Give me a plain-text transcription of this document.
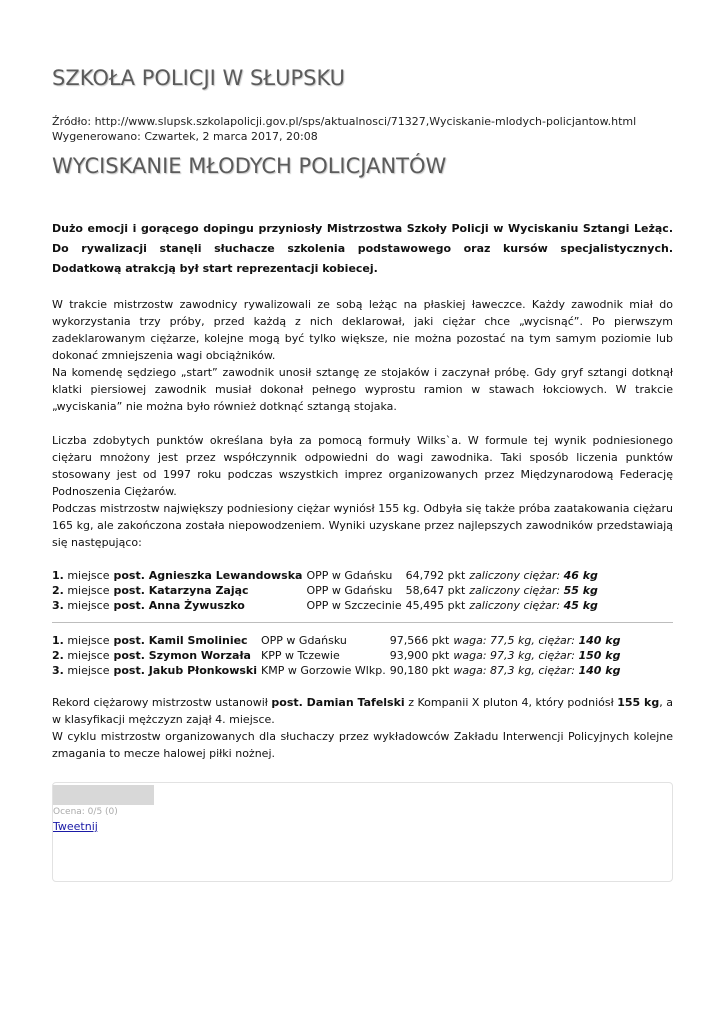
SZKOŁA POLICJI W SŁUPSKU
Źródło: http://www.slupsk.szkolapolicji.gov.pl/sps/aktualnosci/71327,Wyciskanie-mlodych-policjantow.html
Wygenerowano: Czwartek, 2 marca 2017, 20:08
WYCISKANIE MŁODYCH POLICJANTÓW

Dużo emocji i gorącego dopingu przyniosły Mistrzostwa Szkoły Policji w Wyciskaniu Sztangi Leżąc. Do rywalizacji stanęli słuchacze szkolenia podstawowego oraz kursów specjalistycznych. Dodatkową atrakcją był start reprezentacji kobiecej.

W trakcie mistrzostw zawodnicy rywalizowali ze sobą leżąc na płaskiej ławeczce. Każdy zawodnik miał do wykorzystania trzy próby, przed każdą z nich deklarował, jaki ciężar chce „wycisnąć”. Po pierwszym zadeklarowanym ciężarze, kolejne mogą być tylko większe, nie można pozostać na tym samym poziomie lub dokonać zmniejszenia wagi obciążników.
Na komendę sędziego „start” zawodnik unosił sztangę ze stojaków i zaczynał próbę. Gdy gryf sztangi dotknął klatki piersiowej zawodnik musiał dokonał pełnego wyprostu ramion w stawach łokciowych. W trakcie „wyciskania” nie można było również dotknąć sztangą stojaka.

Liczba zdobytych punktów określana była za pomocą formuły Wilks`a. W formule tej wynik podniesionego ciężaru mnożony jest przez współczynnik odpowiedni do wagi zawodnika. Taki sposób liczenia punktów stosowany jest od 1997 roku podczas wszystkich imprez organizowanych przez Międzynarodową Federację Podnoszenia Ciężarów.
Podczas mistrzostw największy podniesiony ciężar wyniósł 155 kg. Odbyła się także próba zaatakowania ciężaru 165 kg, ale zakończona została niepowodzeniem. Wyniki uzyskane przez najlepszych zawodników przedstawiają się następująco:

1. miejsce	post. Agnieszka Lewandowska	OPP w Gdańsku	64,792 pkt	zaliczony ciężar: 46 kg
2. miejsce	post. Katarzyna Zając	OPP w Gdańsku	58,647 pkt	zaliczony ciężar: 55 kg
3. miejsce	post. Anna Żywuszko	OPP w Szczecinie	45,495 pkt	zaliczony ciężar: 45 kg
1. miejsce	post. Kamil Smoliniec	OPP w Gdańsku	97,566 pkt	waga: 77,5 kg, ciężar: 140 kg
2. miejsce	post. Szymon Worzała	KPP w Tczewie	93,900 pkt	waga: 97,3 kg, ciężar: 150 kg
3. miejsce	post. Jakub Płonkowski	KMP w Gorzowie Wlkp.	90,180 pkt	waga: 87,3 kg, ciężar: 140 kg

Rekord ciężarowy mistrzostw ustanowił post. Damian Tafelski z Kompanii X pluton 4, który podniósł 155 kg, a w klasyfikacji mężczyzn zajął 4. miejsce.
W cyklu mistrzostw organizowanych dla słuchaczy przez wykładowców Zakładu Interwencji Policyjnych kolejne zmagania to mecze halowej piłki nożnej.

Ocena: 0/5 (0)
Tweetnij
